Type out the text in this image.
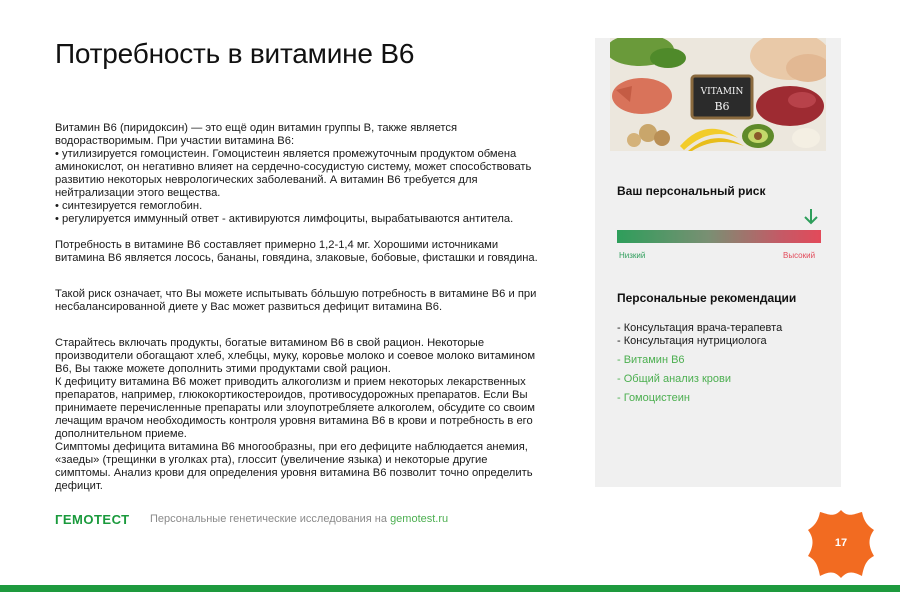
Потребность в витамине B6

Витамин B6 (пиридоксин) — это ещё один витамин группы B, также является
водорастворимым. При участии витамина B6:
• утилизируется гомоцистеин. Гомоцистеин является промежуточным продуктом обмена
аминокислот, он негативно влияет на сердечно-сосудистую систему, может способствовать
развитию некоторых неврологических заболеваний. А витамин B6 требуется для
нейтрализации этого вещества.
• синтезируется гемоглобин.
• регулируется иммунный ответ - активируются лимфоциты, вырабатываются антитела.

Потребность в витамине B6 составляет примерно 1,2-1,4 мг. Хорошими источниками
витамина B6 является лосось, бананы, говядина, злаковые, бобовые, фисташки и говядина.

Такой риск означает, что Вы можете испытывать бо́льшую потребность в витамине B6 и при
несбалансированной диете у Вас может развиться дефицит витамина B6.

Старайтесь включать продукты, богатые витамином B6 в свой рацион. Некоторые
производители обогащают хлеб, хлебцы, муку, коровье молоко и соевое молоко витамином
B6, Вы также можете дополнить этими продуктами свой рацион.
К дефициту витамина B6 может приводить алкоголизм и прием некоторых лекарственных
препаратов, например, глюкокортикостероидов, противосудорожных препаратов. Если Вы
принимаете перечисленные препараты или злоупотребляете алкоголем, обсудите со своим
лечащим врачом необходимость контроля уровня витамина B6 в крови и потребность в его
дополнительном приеме.
Симптомы дефицита витамина B6 многообразны, при его дефиците наблюдается анемия,
«заеды» (трещинки в уголках рта), глоссит (увеличение языка) и некоторые другие
симптомы. Анализ крови для определения уровня витамина B6 позволит точно определить
дефицит.

VITAMIN
B6
Ваш персональный риск
Низкий	Высокий
Персональные рекомендации
- Консультация врача-терапевта
- Консультация нутрициолога
- Витамин B6
- Общий анализ крови
- Гомоцистеин
ГЕМОТЕСТ Персональные генетические исследования на gemotest.ru
17
